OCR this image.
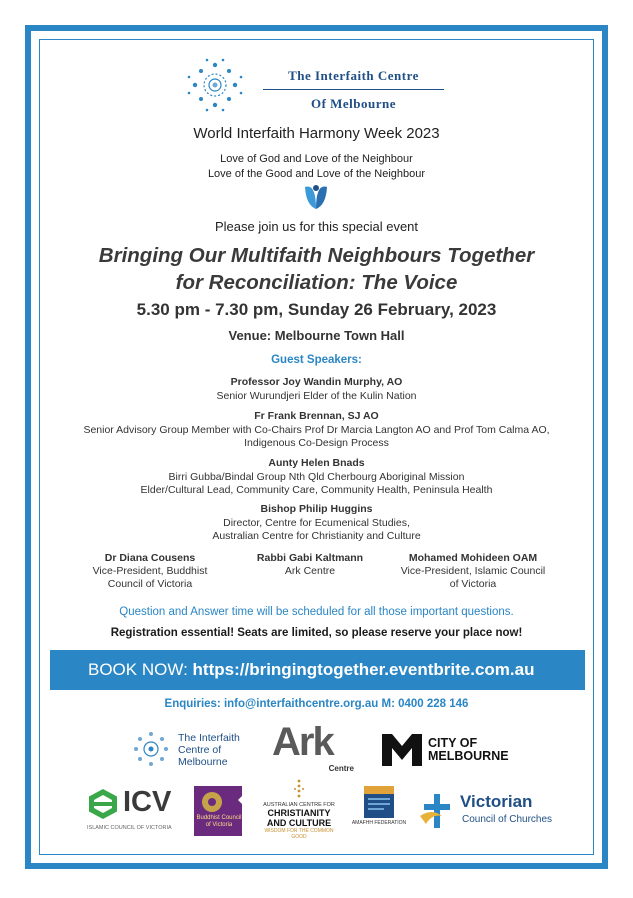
The Interfaith Centre
Of Melbourne
World Interfaith Harmony Week 2023
Love of God and Love of the Neighbour
Love of the Good and Love of the Neighbour
Please join us for this special event
Bringing Our Multifaith Neighbours Together
for Reconciliation: The Voice
5.30 pm - 7.30 pm, Sunday 26 February, 2023
Venue: Melbourne Town Hall
Guest Speakers:
Professor Joy Wandin Murphy, AO
Senior Wurundjeri Elder of the Kulin Nation
Fr Frank Brennan, SJ AO
Senior Advisory Group Member with Co-Chairs Prof Dr Marcia Langton AO and Prof Tom Calma AO,
Indigenous Co-Design Process
Aunty Helen Bnads
Birri Gubba/Bindal Group Nth Qld Cherbourg Aboriginal Mission
Elder/Cultural Lead, Community Care, Community Health, Peninsula Health
Bishop Philip Huggins
Director, Centre for Ecumenical Studies,
Australian Centre for Christianity and Culture
Dr Diana Cousens
Vice-President, Buddhist
Council of Victoria
Rabbi Gabi Kaltmann
Ark Centre
Mohamed Mohideen OAM
Vice-President, Islamic Council
of Victoria
Question and Answer time will be scheduled for all those important questions.
Registration essential! Seats are limited, so please reserve your place now!
BOOK NOW: https://bringingtogether.eventbrite.com.au
Enquiries: info@interfaithcentre.org.au M: 0400 228 146
The Interfaith
Centre of
Melbourne	Ark
Centre
CITY OF
MELBOURNE
ICV
ISLAMIC COUNCIL OF VICTORIA
Buddhist Council
of Victoria
AUSTRALIAN CENTRE FOR
CHRISTIANITY
AND CULTURE
WISDOM FOR THE COMMON GOOD
AMAFHH FEDERATION
Victorian
Council of Churches
